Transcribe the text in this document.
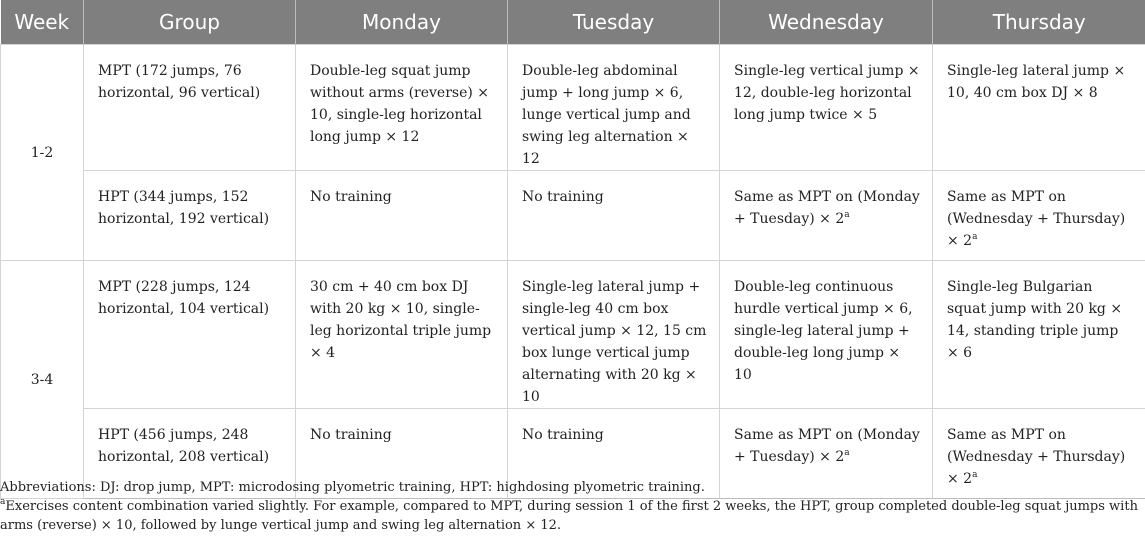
Week	Group	Monday	Tuesday	Wednesday	Thursday
1-2	MPT (172 jumps, 76 horizontal, 96 vertical)	Double-leg squat jump without arms (reverse) × 10, single-leg horizontal long jump × 12	Double-leg abdominal jump + long jump × 6, lunge vertical jump and swing leg alternation × 12	Single-leg vertical jump × 12, double-leg horizontal long jump twice × 5	Single-leg lateral jump × 10, 40 cm box DJ × 8
	HPT (344 jumps, 152 horizontal, 192 vertical)	No training	No training	Same as MPT on (Monday + Tuesday) × $2^a$	Same as MPT on (Wednesday + Thursday) × $2^a$
3-4	MPT (228 jumps, 124 horizontal, 104 vertical)	30 cm + 40 cm box DJ with 20 kg × 10, single-leg horizontal triple jump × 4	Single-leg lateral jump + single-leg 40 cm box vertical jump × 12, 15 cm box lunge vertical jump alternating with 20 kg × 10	Double-leg continuous hurdle vertical jump × 6, single-leg lateral jump + double-leg long jump × 10	Single-leg Bulgarian squat jump with 20 kg × 14, standing triple jump × 6
	HPT (456 jumps, 248 horizontal, 208 vertical)	No training	No training	Same as MPT on (Monday + Tuesday) × $2^a$	Same as MPT on (Wednesday + Thursday) × $2^a$

Abbreviations: DJ: drop jump, MPT: microdosing plyometric training, HPT: highdosing plyometric training.

$^a$Exercises content combination varied slightly. For example, compared to MPT, during session 1 of the first 2 weeks, the HPT, group completed double-leg squat jumps with arms (reverse) × 10, followed by lunge vertical jump and swing leg alternation × 12.
